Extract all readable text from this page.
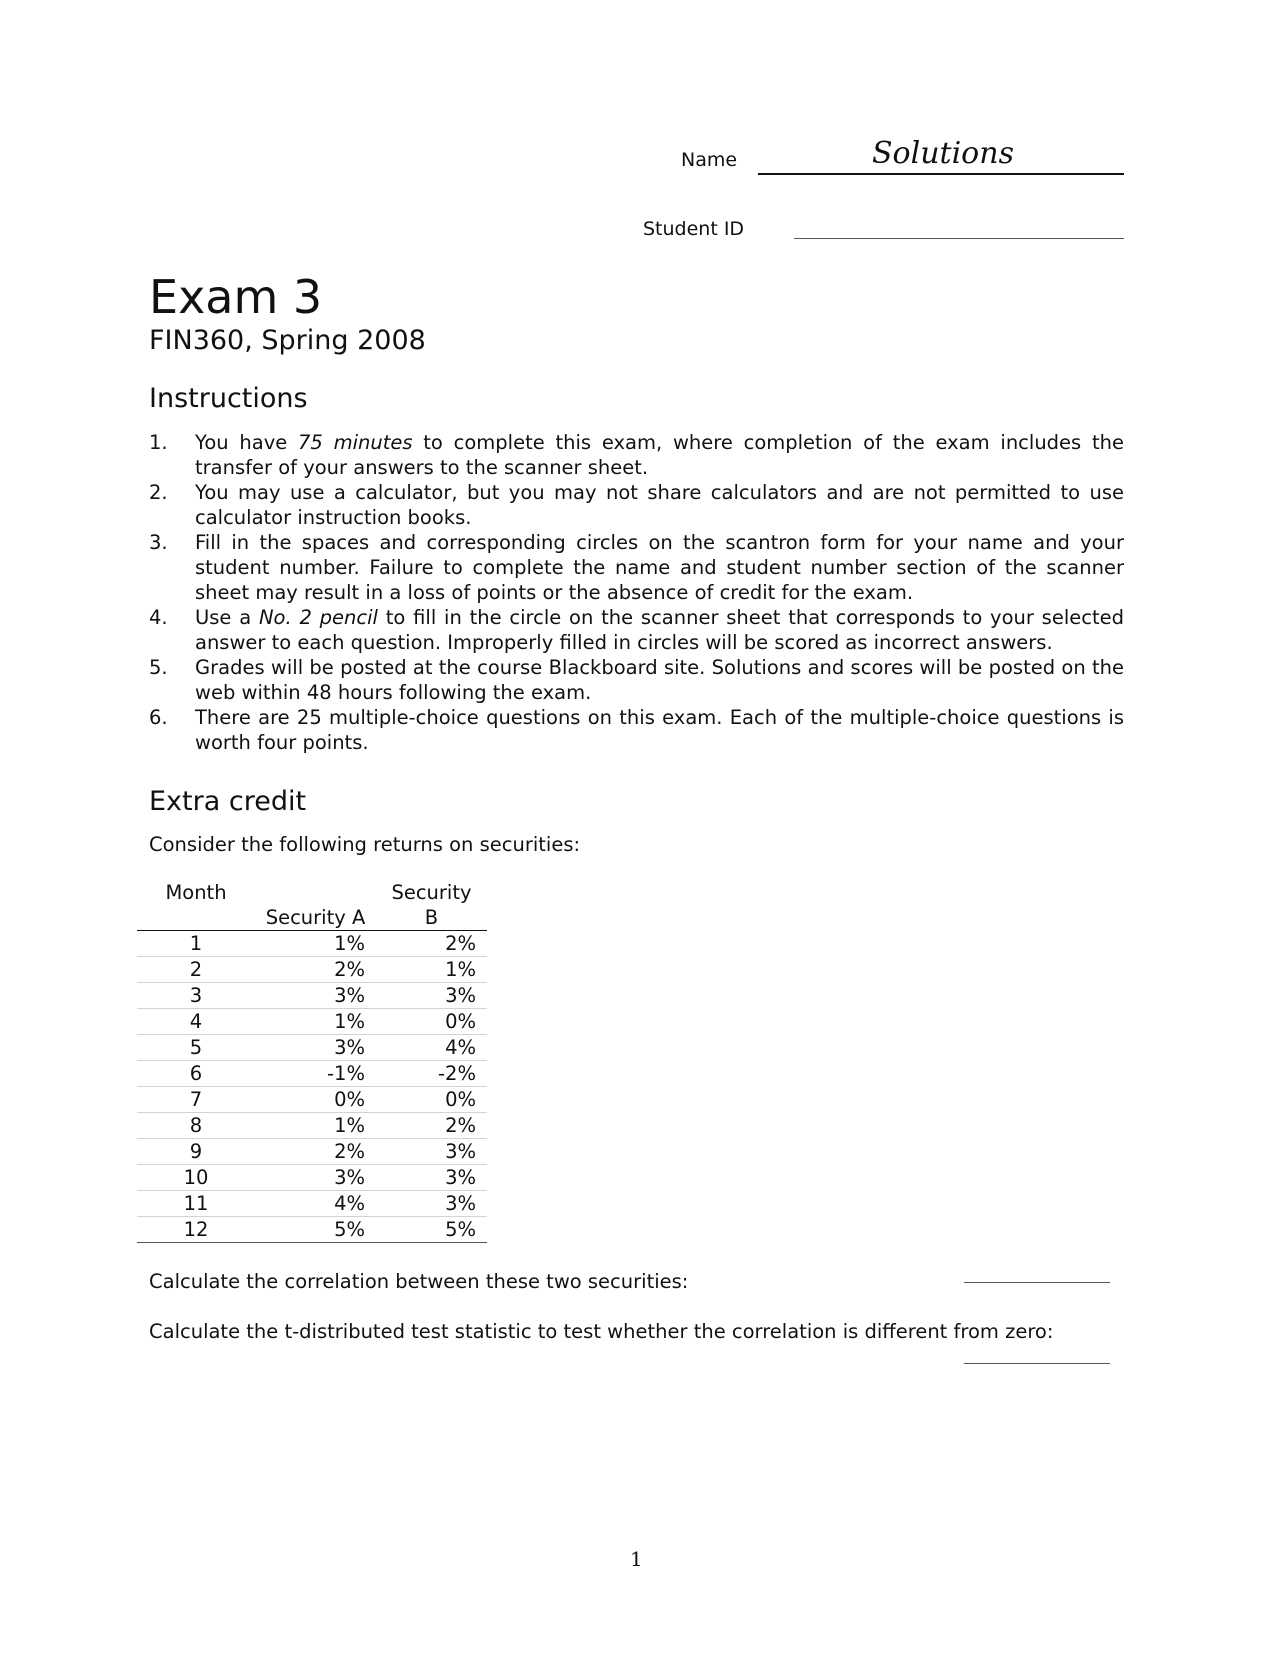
Name	Solutions
Student ID
Exam 3
FIN360, Spring 2008
Instructions
1. You have 75 minutes to complete this exam, where completion of the exam includes the transfer of your answers to the scanner sheet.
2. You may use a calculator, but you may not share calculators and are not permitted to use calculator instruction books.
3. Fill in the spaces and corresponding circles on the scantron form for your name and your student number. Failure to complete the name and student number section of the scanner sheet may result in a loss of points or the absence of credit for the exam.
4. Use a No. 2 pencil to fill in the circle on the scanner sheet that corresponds to your selected answer to each question. Improperly filled in circles will be scored as incorrect answers.
5. Grades will be posted at the course Blackboard site. Solutions and scores will be posted on the web within 48 hours following the exam.
6. There are 25 multiple-choice questions on this exam. Each of the multiple-choice questions is worth four points.
Extra credit
Consider the following returns on securities:
Month	Security A	Security B
1	1%	2%
2	2%	1%
3	3%	3%
4	1%	0%
5	3%	4%
6	-1%	-2%
7	0%	0%
8	1%	2%
9	2%	3%
10	3%	3%
11	4%	3%
12	5%	5%
Calculate the correlation between these two securities:
Calculate the t-distributed test statistic to test whether the correlation is different from zero:
1
